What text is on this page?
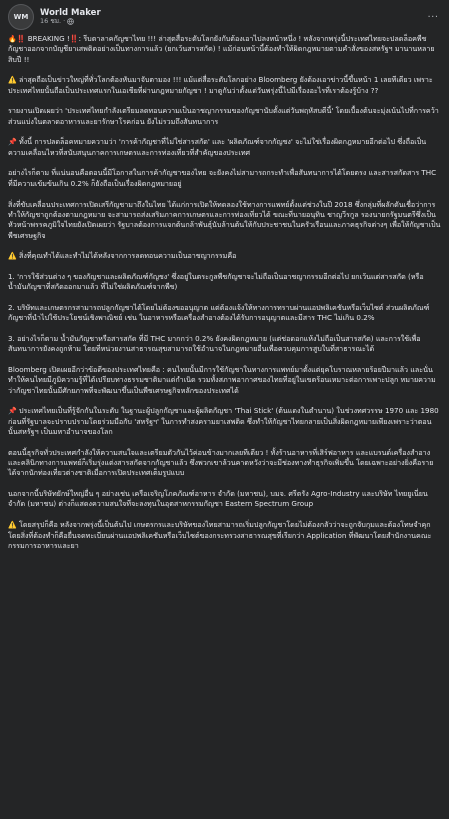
WM World Maker
16 ชม. ·	···

🔥‼️ BREAKING !‼️: รีบตาลาคกัญชาไทย !!! ล่าสุดสื่อระดับโลกยังกับต้องเอาไปลงหน้าหนึ่ง ! หลังจากพรุ่งนี้ประเทศไทยจะปลดล็อคพืชกัญชาออกจากบัญชียาเสพติดอย่างเป็นทางการแล้ว (ยกเว้นสารสกัด) ! แม้ก่อนหน้านี้ต้องทำให้ผิดกฎหมายตามคำสั่งของสหรัฐฯ มานานหลายสิบปี !!

⚠️ ล่าสุดถือเป็นข่าวใหญ่ที่ทั่วโลกต้องหันมาจับตามอง !!! แม้แต่สื่อระดับโลกอย่าง Bloomberg ยังต้องเอาข่าวนี้ขึ้นหน้า 1 เลยทีเดียว เพราะประเทศไทยนั้นถือเป็นประเทศแรกในเอเชียที่ผ่านกฎหมายกัญชา ! มาดูกันว่าตั้งแต่วันพรุ่งนี้ไปมีเรื่องอะไรที่เราต้องรู้บ้าง ??

รายงานเปิดเผยว่า 'ประเทศไทยกำลังเตรียมลดทอนความเป็นอาชญากรรมของกัญชานับตั้งแต่วันพฤหัสบดีนี้' โดยเบื้องต้นจะมุ่งเน้นไปที่การคว้าส่วนแบ่งในตลาดอาหารและยารักษาโรคก่อน ยังไม่รวมถึงสันทนาการ

📌 ทั้งนี้ การปลดล็อคหมายความว่า 'การค้ากัญชาที่ไม่ใช่สารสกัด' และ 'ผลิตภัณฑ์จากกัญชง' จะไม่ใช่เรื่องผิดกฎหมายอีกต่อไป ซึ่งถือเป็นความเคลื่อนไหวที่สนับสนุนภาคการเกษตรและการท่องเที่ยวที่สำคัญของประเทศ

อย่างไรก็ตาม ที่แน่นอนคือตอนนี้มีโอกาสในการค้ากัญชาของไทย จะยังคงไม่สามารถกระทำเพื่อสันทนาการได้โดยตรง และสารสกัดสาร THC ที่มีความเข้มข้นเกิน 0.2% ก็ยังถือเป็นเรื่องผิดกฎหมายอยู่

สิ่งที่ขับเคลื่อนประเทศการเปิดเสรีกัญชามาถึงในไทย ได้แก่การเปิดให้ทดลองใช้ทางการแพทย์ตั้งแต่ช่วงในปี 2018 ซึ่งกลุ่มที่ผลักดันเชื่อว่าการทำให้กัญชาถูกต้องตามกฎหมาย จะสามารถส่งเสริมภาคการเกษตรและการท่องเที่ยวได้ ขณะที่นายอนุทิน ชาญวีรกูล รองนายกรัฐมนตรีซึ่งเป็นหัวหน้าพรรคภูมิใจไทยยังเปิดเผยว่า รัฐบาลต้องการแจกต้นกล้าพันธุ์นับล้านต้นให้กับประชาชนในครัวเรือนและภาคธุรกิจต่างๆ เพื่อให้กัญชาเป็นพืชเศรษฐกิจ

⚠️ สิ่งที่คุณทำได้และทำไม่ได้หลังจากการลดทอนความเป็นอาชญากรรมคือ

1. 'การใช้ส่วนต่าง ๆ ของกัญชาและผลิตภัณฑ์กัญชง' ซึ่งอยู่ในตระกูลพืชกัญชาจะไม่ถือเป็นอาชญากรรมอีกต่อไป ยกเว้นแต่สารสกัด (หรือน้ำมันกัญชาที่สกัดออกมาแล้ว ที่ไม่ใช่ผลิตภัณฑ์จากพืช)

2. บริษัทและเกษตรกรสามารถปลูกกัญชาได้โดยไม่ต้องขออนุญาต แต่ต้องแจ้งให้ทางการทราบผ่านแอปพลิเคชันหรือเว็บไซต์ ส่วนผลิตภัณฑ์กัญชาที่นำไปใช้ประโยชน์เชิงพาณิชย์ เช่น ในอาหารหรือเครื่องสำอางต้องได้รับการอนุญาตและมีสาร THC ไม่เกิน 0.2%

3. อย่างไรก็ตาม น้ำมันกัญชาหรือสารสกัด ที่มี THC มากกว่า 0.2% ยังคงผิดกฎหมาย (แต่ช่อดอกแห้งไม่ถือเป็นสารสกัด) และการใช้เพื่อสันทนาการยังคงถูกห้าม โดยที่หน่วยงานสาธารณสุขสามารถใช้อำนาจในกฎหมายอื่นเพื่อควบคุมการสูบในที่สาธารณะได้

Bloomberg เปิดเผยอีกว่าข้อดีของประเทศไทยคือ : คนไทยนั้นมีการใช้กัญชาในทางการแพทย์มาตั้งแต่ยุคโบราณหลายร้อยปีมาแล้ว และนั่นทำให้คนไทยมีภูมิความรู้ที่ได้เปรียบทางธรรมชาติมาแต่กำเนิด รวมทั้งสภาพอากาศของไทยที่อยู่ในเขตร้อนเหมาะต่อการเพาะปลูก หมายความว่ากัญชาไทยนั้นมีศักยภาพที่จะพัฒนาขึ้นเป็นพืชเศรษฐกิจหลักของประเทศได้

📌 ประเทศไทยเป็นที่รู้จักกันในระดับ ในฐานะผู้ปลูกกัญชาและผู้ผลิตกัญชา 'Thai Stick' (ต้นแดงในตำนาน) ในช่วงทศวรรษ 1970 และ 1980 ก่อนที่รัฐบาลจะปราบปรามโดยร่วมมือกับ 'สหรัฐฯ' ในการทำสงครามยาเสพติด ซึ่งทำให้กัญชาไทยกลายเป็นสิ่งผิดกฎหมายเพียงเพราะว่าตอนนั้นสหรัฐฯ เป็นมหาอำนาจของโลก

ตอนนี้ธุรกิจทั่วประเทศกำลังให้ความสนใจและเตรียมตัวกันไว้ค่อนข้างมากเลยทีเดียว ! ทั้งร้านอาหารที่เสิร์ฟอาหาร และแบรนด์เครื่องสำอาง และคลินิกทางการแพทย์ก็เริ่มรุ่งแต่งสารสกัดจากกัญชาแล้ว ซึ่งพวกเขาล้วนคาดหวังว่าจะมีช่องทางทำธุรกิจเพิ่มขึ้น โดยเฉพาะอย่างยิ่งคือรายได้จากนักท่องเที่ยวต่างชาติเมื่อการเปิดประเทศเต็มรูปแบบ

นอกจากนี้บริษัทยักษ์ใหญ่อื่น ๆ อย่างเช่น เครือเจริญโภคภัณฑ์อาหาร จำกัด (มหาชน), บมจ. ศรีตรัง Agro-Industry และบริษัท ไทยยูเนี่ยน จำกัด (มหาชน) ต่างก็แสดงความสนใจที่จะลงทุนในอุตสาหกรรมกัญชา Eastern Spectrum Group

⚠️ โดยสรุปก็คือ หลังจากพรุ่งนี้เป็นต้นไป เกษตรกรและบริษัทของไทยสามารถเริ่มปลูกกัญชาโดยไม่ต้องกลัวว่าจะถูกจับกุมและต้องโทษจำคุก โดยสิ่งที่ต้องทำก็คือยื่นจดทะเบียนผ่านแอปพลิเคชันหรือเว็บไซต์ของกระทรวงสาธารณสุขที่เรียกว่า Application ที่พัฒนาโดยสำนักงานคณะกรรมการอาหารและยา
